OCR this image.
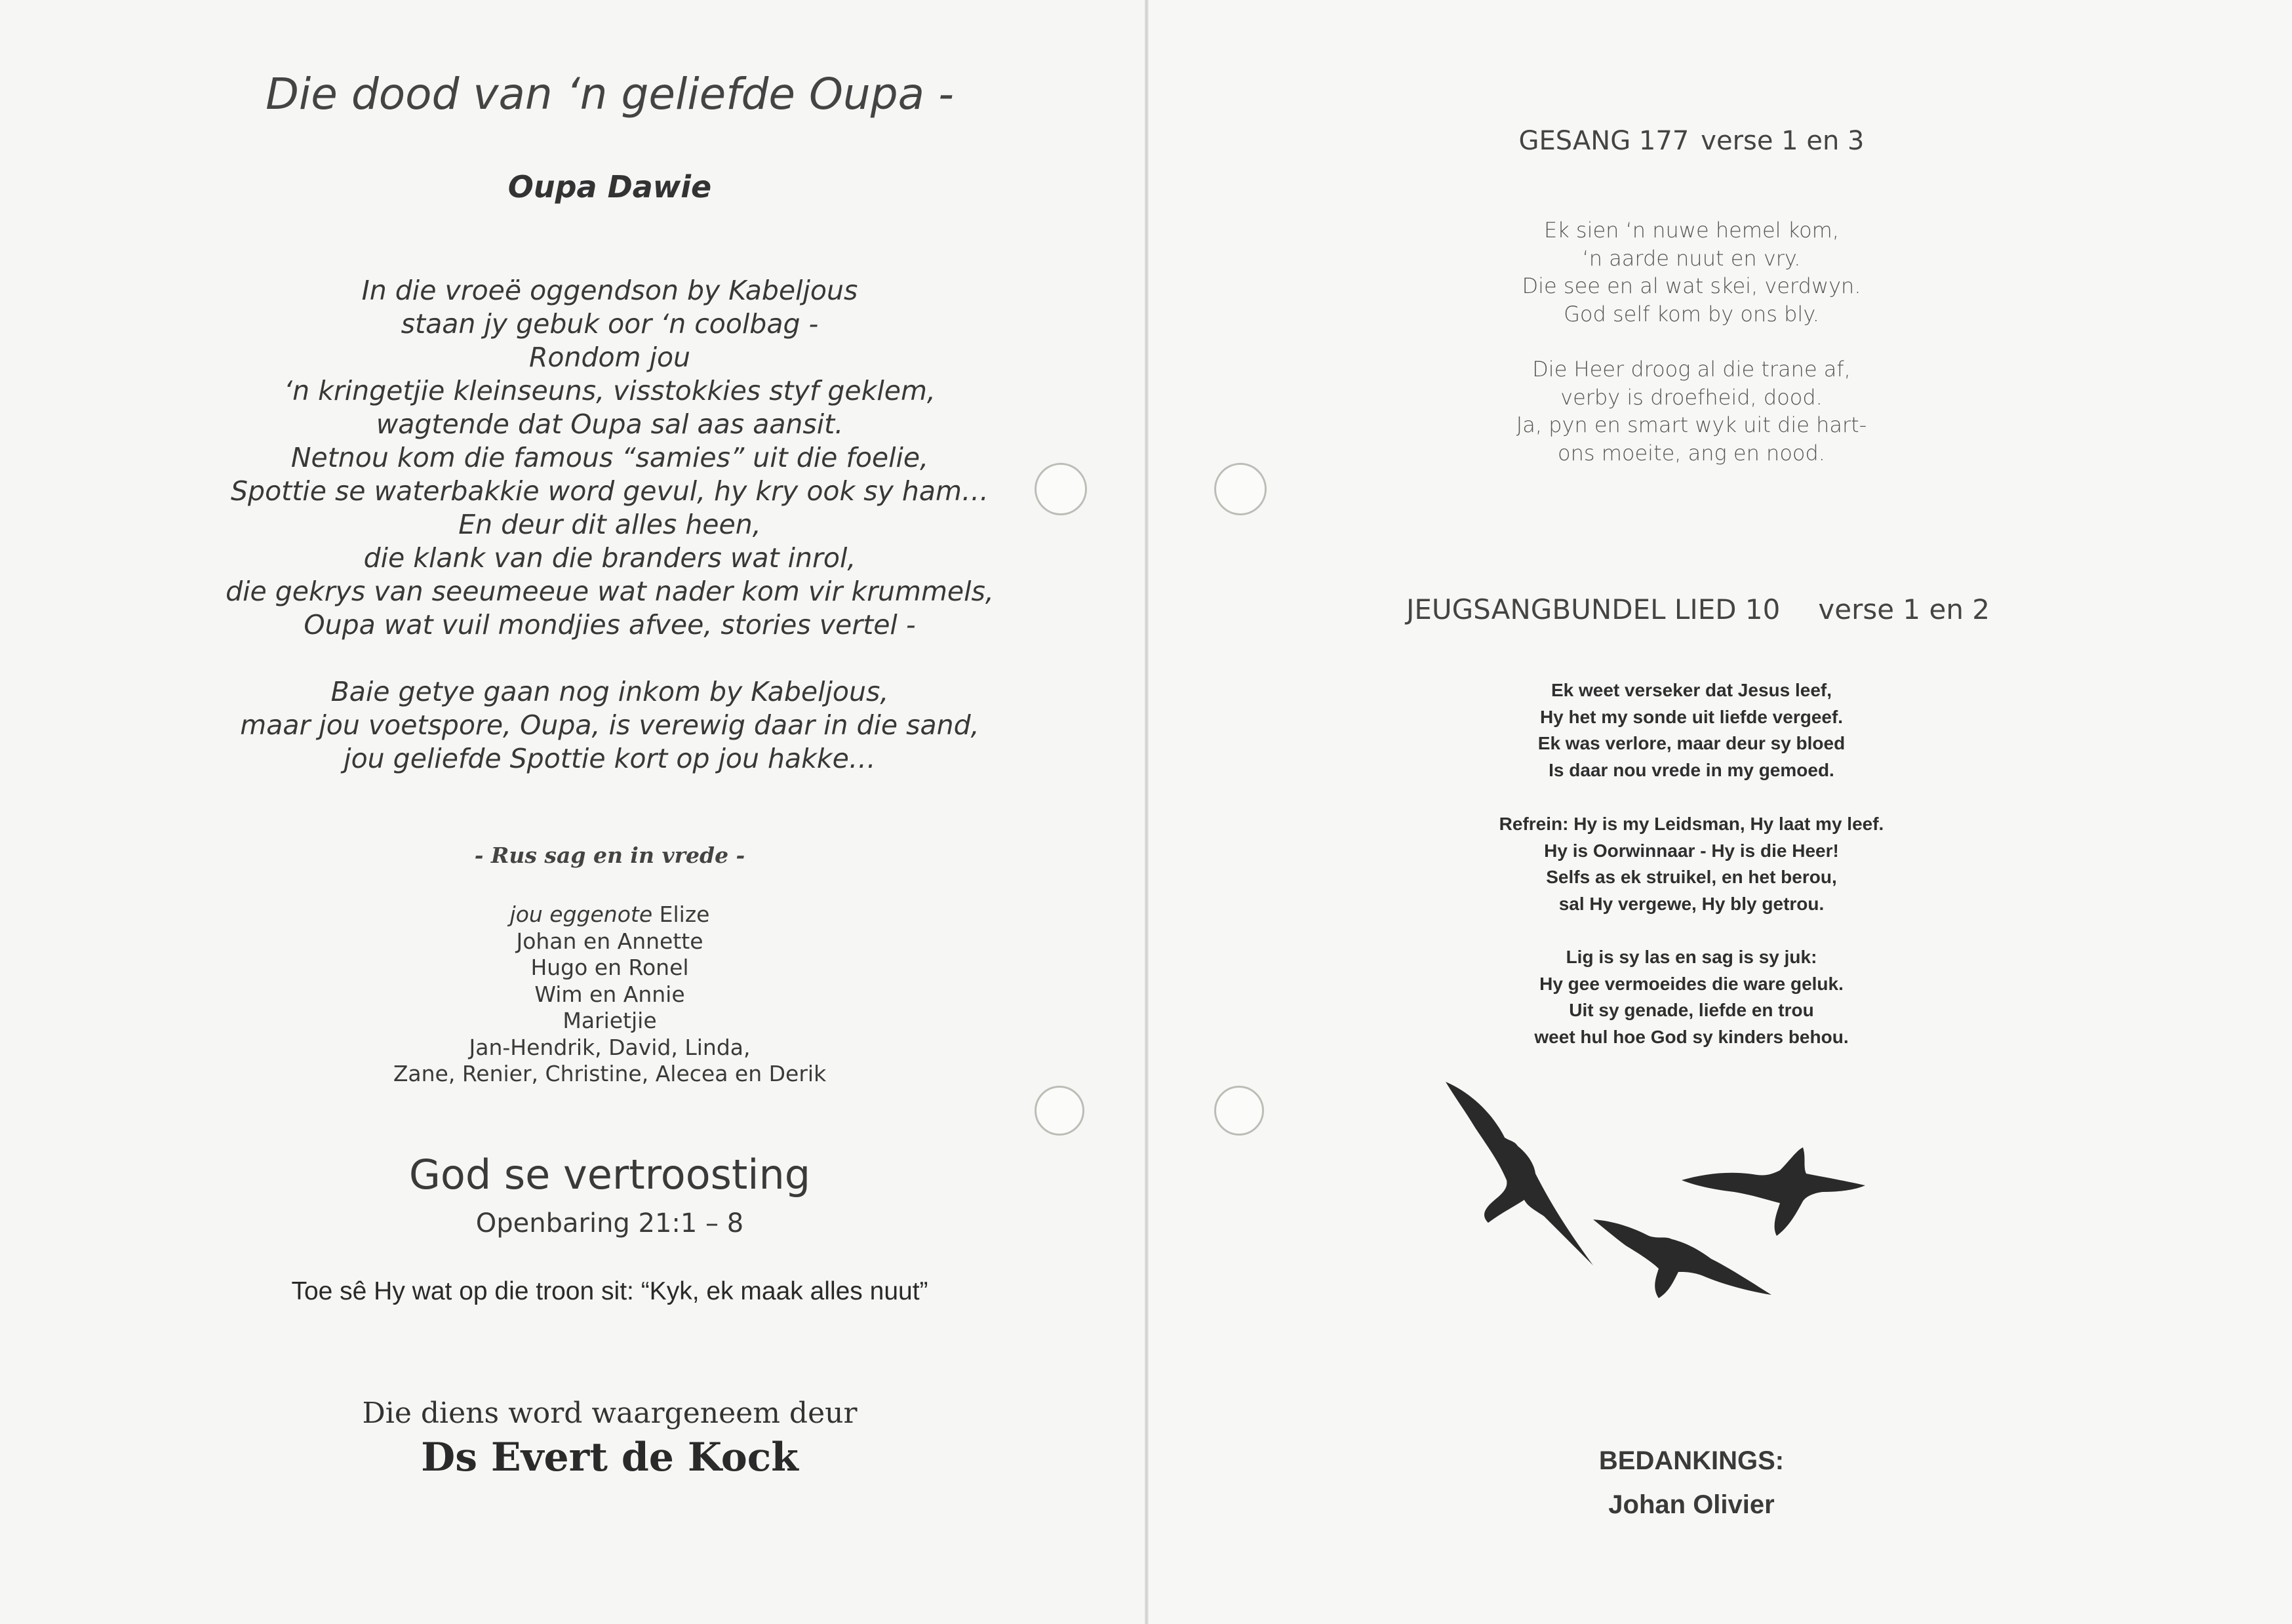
Die dood van ‘n geliefde Oupa -
Oupa Dawie
In die vroeë oggendson by Kabeljous
staan jy gebuk oor ‘n coolbag -
Rondom jou
‘n kringetjie kleinseuns, visstokkies styf geklem,
wagtende dat Oupa sal aas aansit.
Netnou kom die famous “samies” uit die foelie,
Spottie se waterbakkie word gevul, hy kry ook sy ham…
En deur dit alles heen,
die klank van die branders wat inrol,
die gekrys van seeumeeue wat nader kom vir krummels,
Oupa wat vuil mondjies afvee, stories vertel -
Baie getye gaan nog inkom by Kabeljous,
maar jou voetspore, Oupa, is verewig daar in die sand,
jou geliefde Spottie kort op jou hakke…
- Rus sag en in vrede -
jou eggenote Elize
Johan en Annette
Hugo en Ronel
Wim en Annie
Marietjie
Jan-Hendrik, David, Linda,
Zane, Renier, Christine, Alecea en Derik
God se vertroosting
Openbaring 21:1 – 8
Toe sê Hy wat op die troon sit: “Kyk, ek maak alles nuut”
Die diens word waargeneem deur
Ds Evert de Kock
GESANG 177 verse 1 en 3
Ek sien ‘n nuwe hemel kom,
‘n aarde nuut en vry.
Die see en al wat skei, verdwyn.
God self kom by ons bly.
Die Heer droog al die trane af,
verby is droefheid, dood.
Ja, pyn en smart wyk uit die hart-
ons moeite, ang en nood.
JEUGSANGBUNDEL LIED 10 verse 1 en 2
Ek weet verseker dat Jesus leef,
Hy het my sonde uit liefde vergeef.
Ek was verlore, maar deur sy bloed
Is daar nou vrede in my gemoed.
Refrein: Hy is my Leidsman, Hy laat my leef.
Hy is Oorwinnaar - Hy is die Heer!
Selfs as ek struikel, en het berou,
sal Hy vergewe, Hy bly getrou.
Lig is sy las en sag is sy juk:
Hy gee vermoeides die ware geluk.
Uit sy genade, liefde en trou
weet hul hoe God sy kinders behou.
BEDANKINGS:
Johan Olivier
